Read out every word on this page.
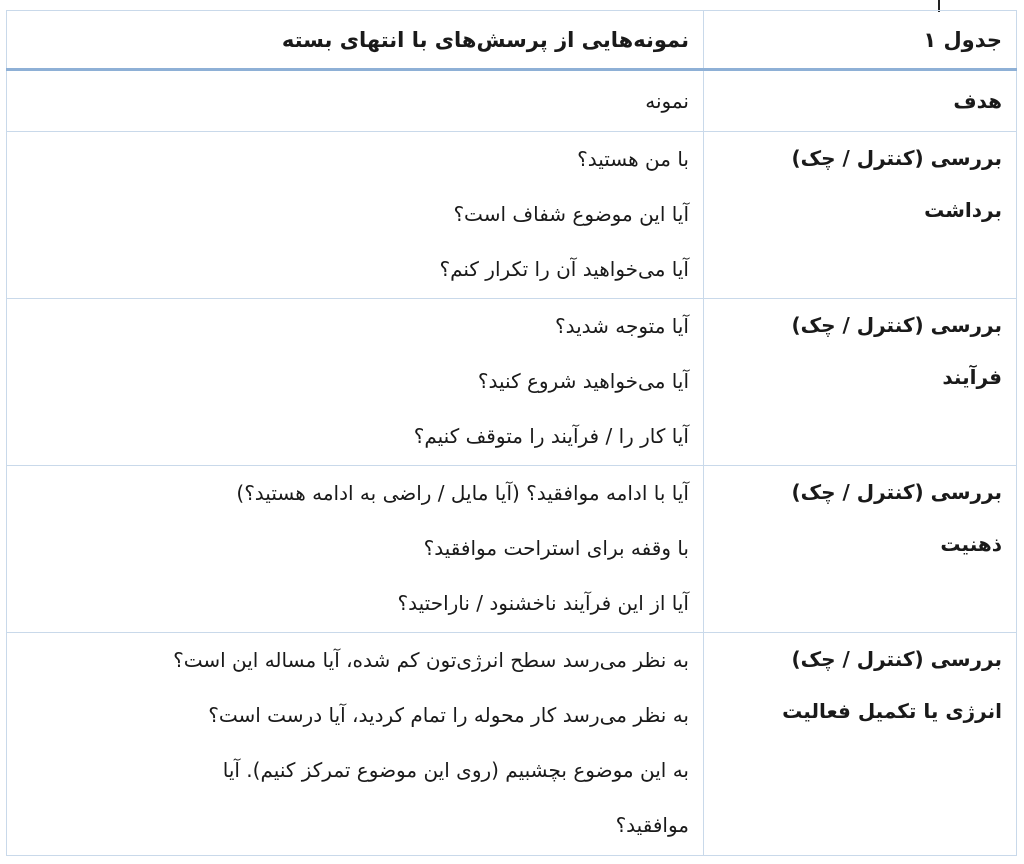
جدول ۱	نمونه‌هایی از پرسش‌های با انتهای بسته
هدف	نمونه

بررسی (کنترل / چک)
برداشت	با من هستید؟
آیا این موضوع شفاف است؟
آیا می‌خواهید آن را تکرار کنم؟

بررسی (کنترل / چک)
فرآیند	آیا متوجه شدید؟
آیا می‌خواهید شروع کنید؟
آیا کار را / فرآیند را متوقف کنیم؟

بررسی (کنترل / چک)
ذهنیت	آیا با ادامه موافقید؟ (آیا مایل / راضی به ادامه هستید؟)
با وقفه برای استراحت موافقید؟
آیا از این فرآیند ناخشنود / ناراحتید؟

بررسی (کنترل / چک)
انرژی یا تکمیل فعالیت	به نظر می‌رسد سطح انرژی‌تون کم شده، آیا مساله این است؟
به نظر می‌رسد کار محوله را تمام کردید، آیا درست است؟
به این موضوع بچشبیم (روی این موضوع تمرکز کنیم). آیا
موافقید؟
